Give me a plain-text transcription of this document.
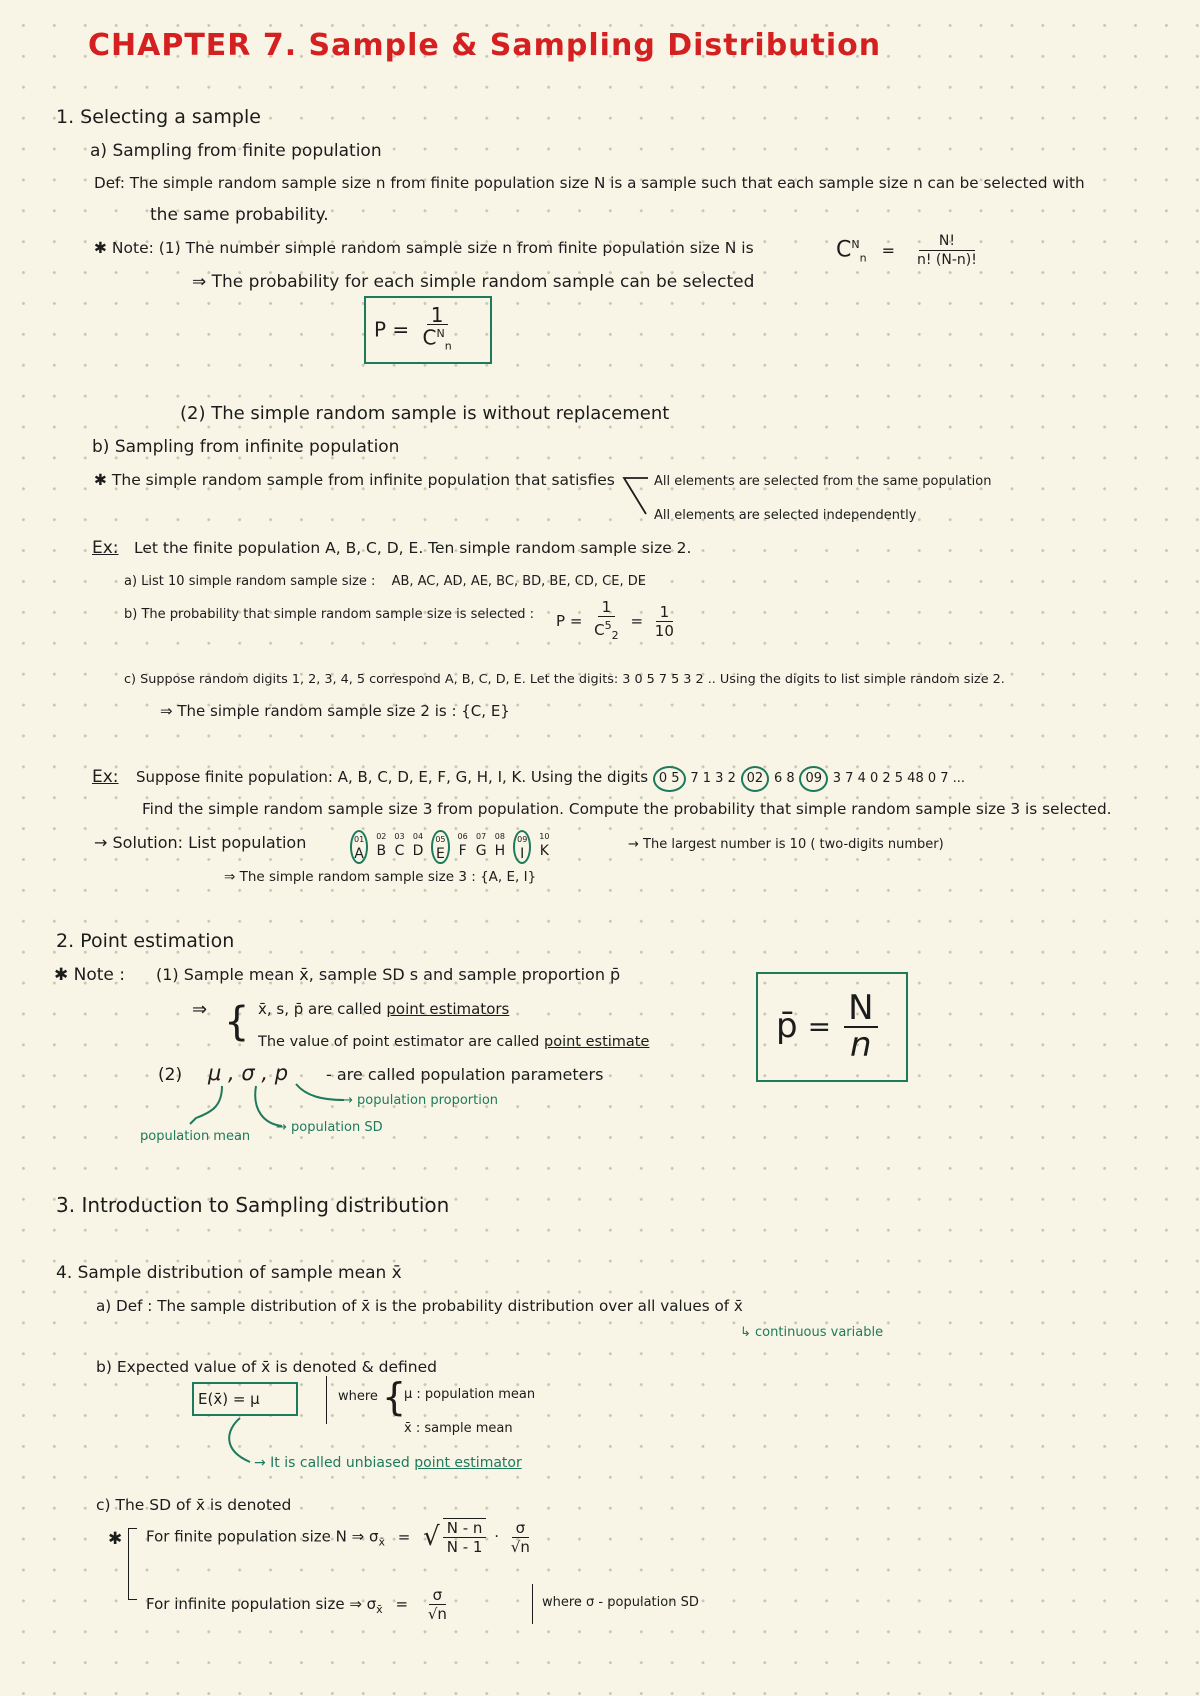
CHAPTER 7. Sample & Sampling Distribution
1. Selecting a sample
a) Sampling from finite population
Def: The simple random sample size n from finite population size N is a sample such that each sample size n can be selected with
the same probability.
✱ Note: (1) The number simple random sample size n from finite population size N is	$C^N_n = \frac{N!}{n! (N-n)!}$
⇒ The probability for each simple random sample can be selected
$P = \frac{1}{C^N_n}$
(2) The simple random sample is without replacement
b) Sampling from infinite population
✱ The simple random sample from infinite population that satisfies	All elements are selected from the same population
All elements are selected independently
Ex: Let the finite population A, B, C, D, E. Ten simple random sample size 2.
a) List 10 simple random sample size : AB, AC, AD, AE, BC, BD, BE, CD, CE, DE
b) The probability that simple random sample size is selected : $P = \frac{1}{C^5_2} = \frac{1}{10}$
c) Suppose random digits 1, 2, 3, 4, 5 correspond A, B, C, D, E. Let the digits: 3 0 5 7 5 3 2 .. Using the digits to list simple random size 2.
⇒ The simple random sample size 2 is : {C, E}
Ex: Suppose finite population: A, B, C, D, E, F, G, H, I, K. Using the digits 0 5 7 1 3 2 02 6 8 09 3 7 4 0 2 5 48 0 7 ...
Find the simple random sample size 3 from population. Compute the probability that simple random sample size 3 is selected.
→ Solution: List population	01
A
02
B
03
C
04
D
05
E
06
F
07
G
08
H
09
I
10
K	→ The largest number is 10 ( two-digits number)
⇒ The simple random sample size 3 : {A, E, I}
2. Point estimation
✱ Note : (1) Sample mean x̄, sample SD s and sample proportion p̄
⇒ { x̄, s, p̄ are called point estimators
The value of point estimator are called point estimate
(2) μ , σ , p - are called population parameters
→ population proportion
→ population SD
population mean
p̄ = $\frac{N}{n}$
3. Introduction to Sampling distribution
4. Sample distribution of sample mean x̄
a) Def : The sample distribution of x̄ is the probability distribution over all values of x̄
↳ continuous variable
b) Expected value of x̄ is denoted & defined
E(x̄) = μ	where {
μ : population mean
x̄ : sample mean
→ It is called unbiased point estimator
c) The SD of x̄ is denoted
✱ For finite population size N ⇒ $\sigma_{x̄}$ = √ $\frac{N - n}{N - 1} \cdot \frac{\sigma}{√n}$
For infinite population size ⇒ $\sigma_{x̄} = \frac{\sigma}{√n}$	where σ - population SD
